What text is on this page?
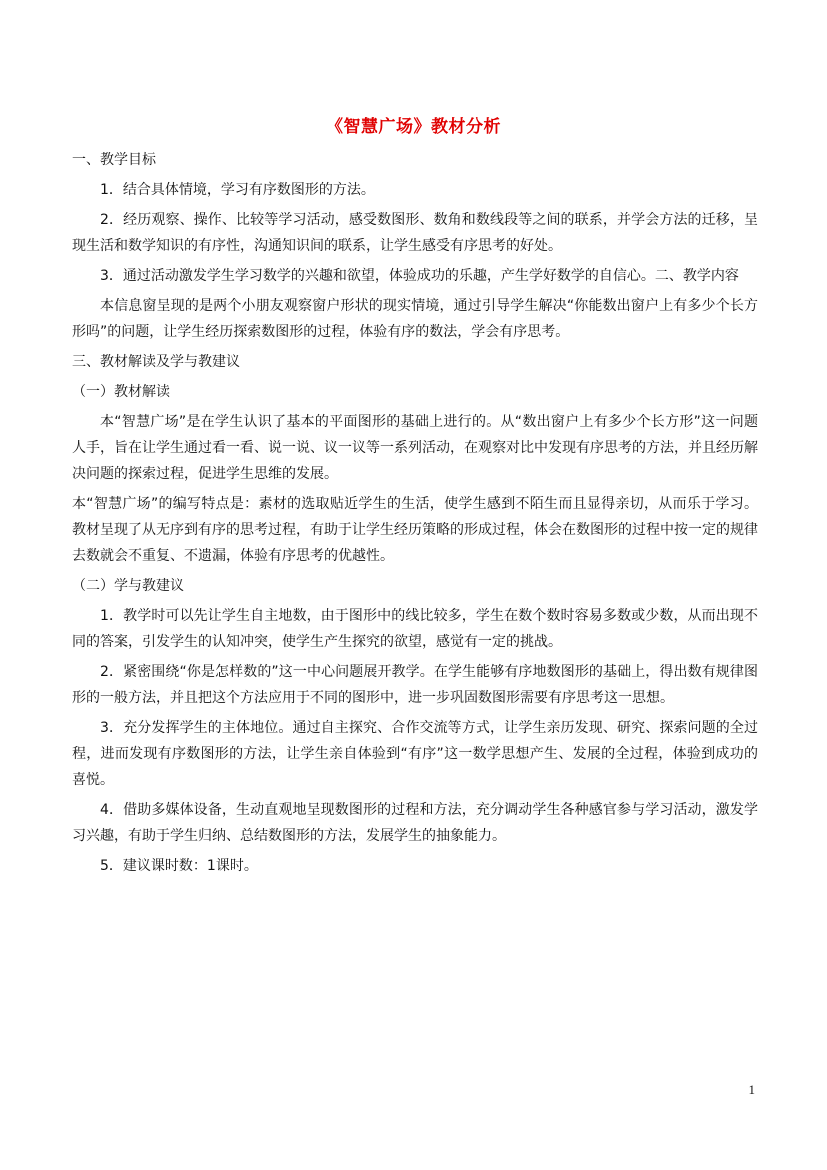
《智慧广场》教材分析

一、教学目标

1．结合具体情境，学习有序数图形的方法。

2．经历观察、操作、比较等学习活动，感受数图形、数角和数线段等之间的联系，并学会方法的迁移，呈现生活和数学知识的有序性，沟通知识间的联系，让学生感受有序思考的好处。

3．通过活动激发学生学习数学的兴趣和欲望，体验成功的乐趣，产生学好数学的自信心。二、教学内容

本信息窗呈现的是两个小朋友观察窗户形状的现实情境，通过引导学生解决“你能数出窗户上有多少个长方形吗”的问题，让学生经历探索数图形的过程，体验有序的数法，学会有序思考。

三、教材解读及学与教建议

（一）教材解读

本“智慧广场”是在学生认识了基本的平面图形的基础上进行的。从“数出窗户上有多少个长方形”这一问题人手，旨在让学生通过看一看、说一说、议一议等一系列活动，在观察对比中发现有序思考的方法，并且经历解决问题的探索过程，促进学生思维的发展。

本“智慧广场”的编写特点是：素材的选取贴近学生的生活，使学生感到不陌生而且显得亲切，从而乐于学习。教材呈现了从无序到有序的思考过程，有助于让学生经历策略的形成过程，体会在数图形的过程中按一定的规律去数就会不重复、不遗漏，体验有序思考的优越性。

（二）学与教建议

1．教学时可以先让学生自主地数，由于图形中的线比较多，学生在数个数时容易多数或少数，从而出现不同的答案，引发学生的认知冲突，使学生产生探究的欲望，感觉有一定的挑战。

2．紧密围绕“你是怎样数的”这一中心问题展开教学。在学生能够有序地数图形的基础上，得出数有规律图形的一般方法，并且把这个方法应用于不同的图形中，进一步巩固数图形需要有序思考这一思想。

3．充分发挥学生的主体地位。通过自主探究、合作交流等方式，让学生亲历发现、研究、探索问题的全过程，进而发现有序数图形的方法，让学生亲自体验到“有序”这一数学思想产生、发展的全过程，体验到成功的喜悦。

4．借助多媒体设备，生动直观地呈现数图形的过程和方法，充分调动学生各种感官参与学习活动，激发学习兴趣，有助于学生归纳、总结数图形的方法，发展学生的抽象能力。

5．建议课时数：1课时。

1
